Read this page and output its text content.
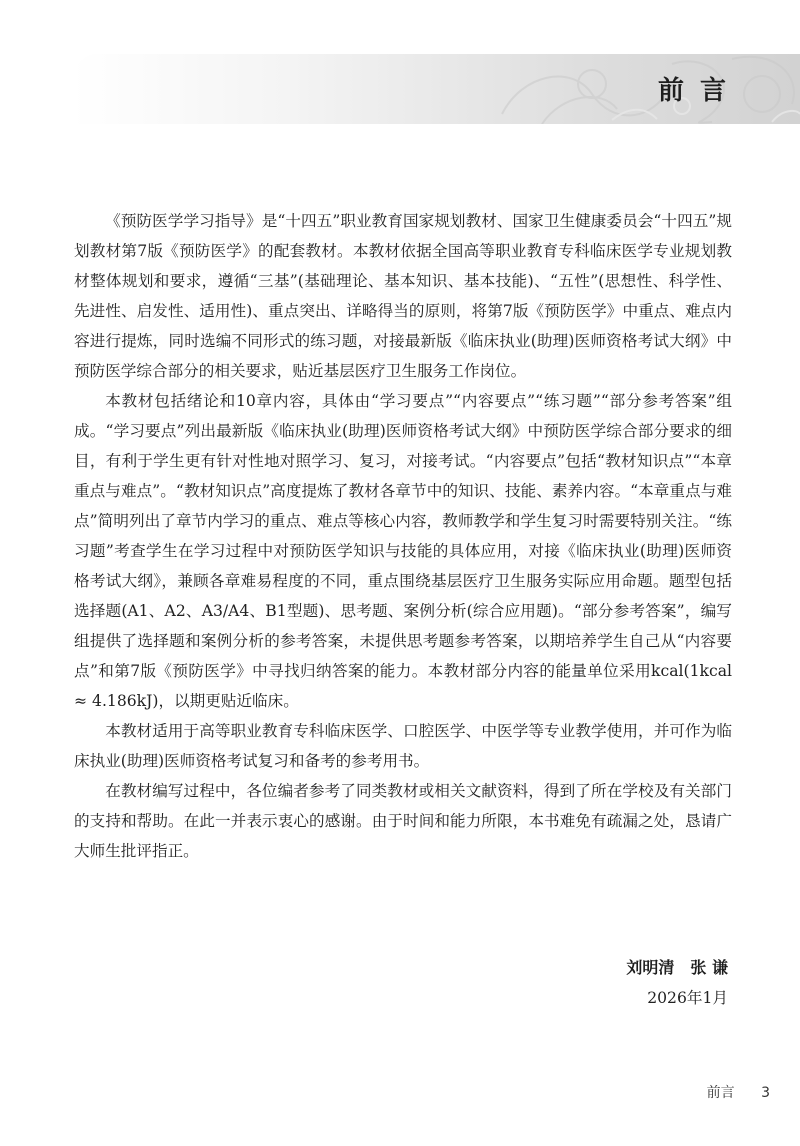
前言

《预防医学学习指导》是“十四五”职业教育国家规划教材、国家卫生健康委员会“十四五”规划教材第7版《预防医学》的配套教材。本教材依据全国高等职业教育专科临床医学专业规划教材整体规划和要求，遵循“三基”(基础理论、基本知识、基本技能)、“五性”(思想性、科学性、先进性、启发性、适用性)、重点突出、详略得当的原则，将第7版《预防医学》中重点、难点内容进行提炼，同时选编不同形式的练习题，对接最新版《临床执业(助理)医师资格考试大纲》中预防医学综合部分的相关要求，贴近基层医疗卫生服务工作岗位。

本教材包括绪论和10章内容，具体由“学习要点”“内容要点”“练习题”“部分参考答案”组成。“学习要点”列出最新版《临床执业(助理)医师资格考试大纲》中预防医学综合部分要求的细目，有利于学生更有针对性地对照学习、复习，对接考试。“内容要点”包括“教材知识点”“本章重点与难点”。“教材知识点”高度提炼了教材各章节中的知识、技能、素养内容。“本章重点与难点”简明列出了章节内学习的重点、难点等核心内容，教师教学和学生复习时需要特别关注。“练习题”考查学生在学习过程中对预防医学知识与技能的具体应用，对接《临床执业(助理)医师资格考试大纲》，兼顾各章难易程度的不同，重点围绕基层医疗卫生服务实际应用命题。题型包括选择题(A1、A2、A3/A4、B1型题)、思考题、案例分析(综合应用题)。“部分参考答案”，编写组提供了选择题和案例分析的参考答案，未提供思考题参考答案，以期培养学生自己从“内容要点”和第7版《预防医学》中寻找归纳答案的能力。本教材部分内容的能量单位采用kcal(1kcal ≈ 4.186kJ)，以期更贴近临床。

本教材适用于高等职业教育专科临床医学、口腔医学、中医学等专业教学使用，并可作为临床执业(助理)医师资格考试复习和备考的参考用书。

在教材编写过程中，各位编者参考了同类教材或相关文献资料，得到了所在学校及有关部门的支持和帮助。在此一并表示衷心的感谢。由于时间和能力所限，本书难免有疏漏之处，恳请广大师生批评指正。

刘明清　张 谦
2026年1月
前言 3
